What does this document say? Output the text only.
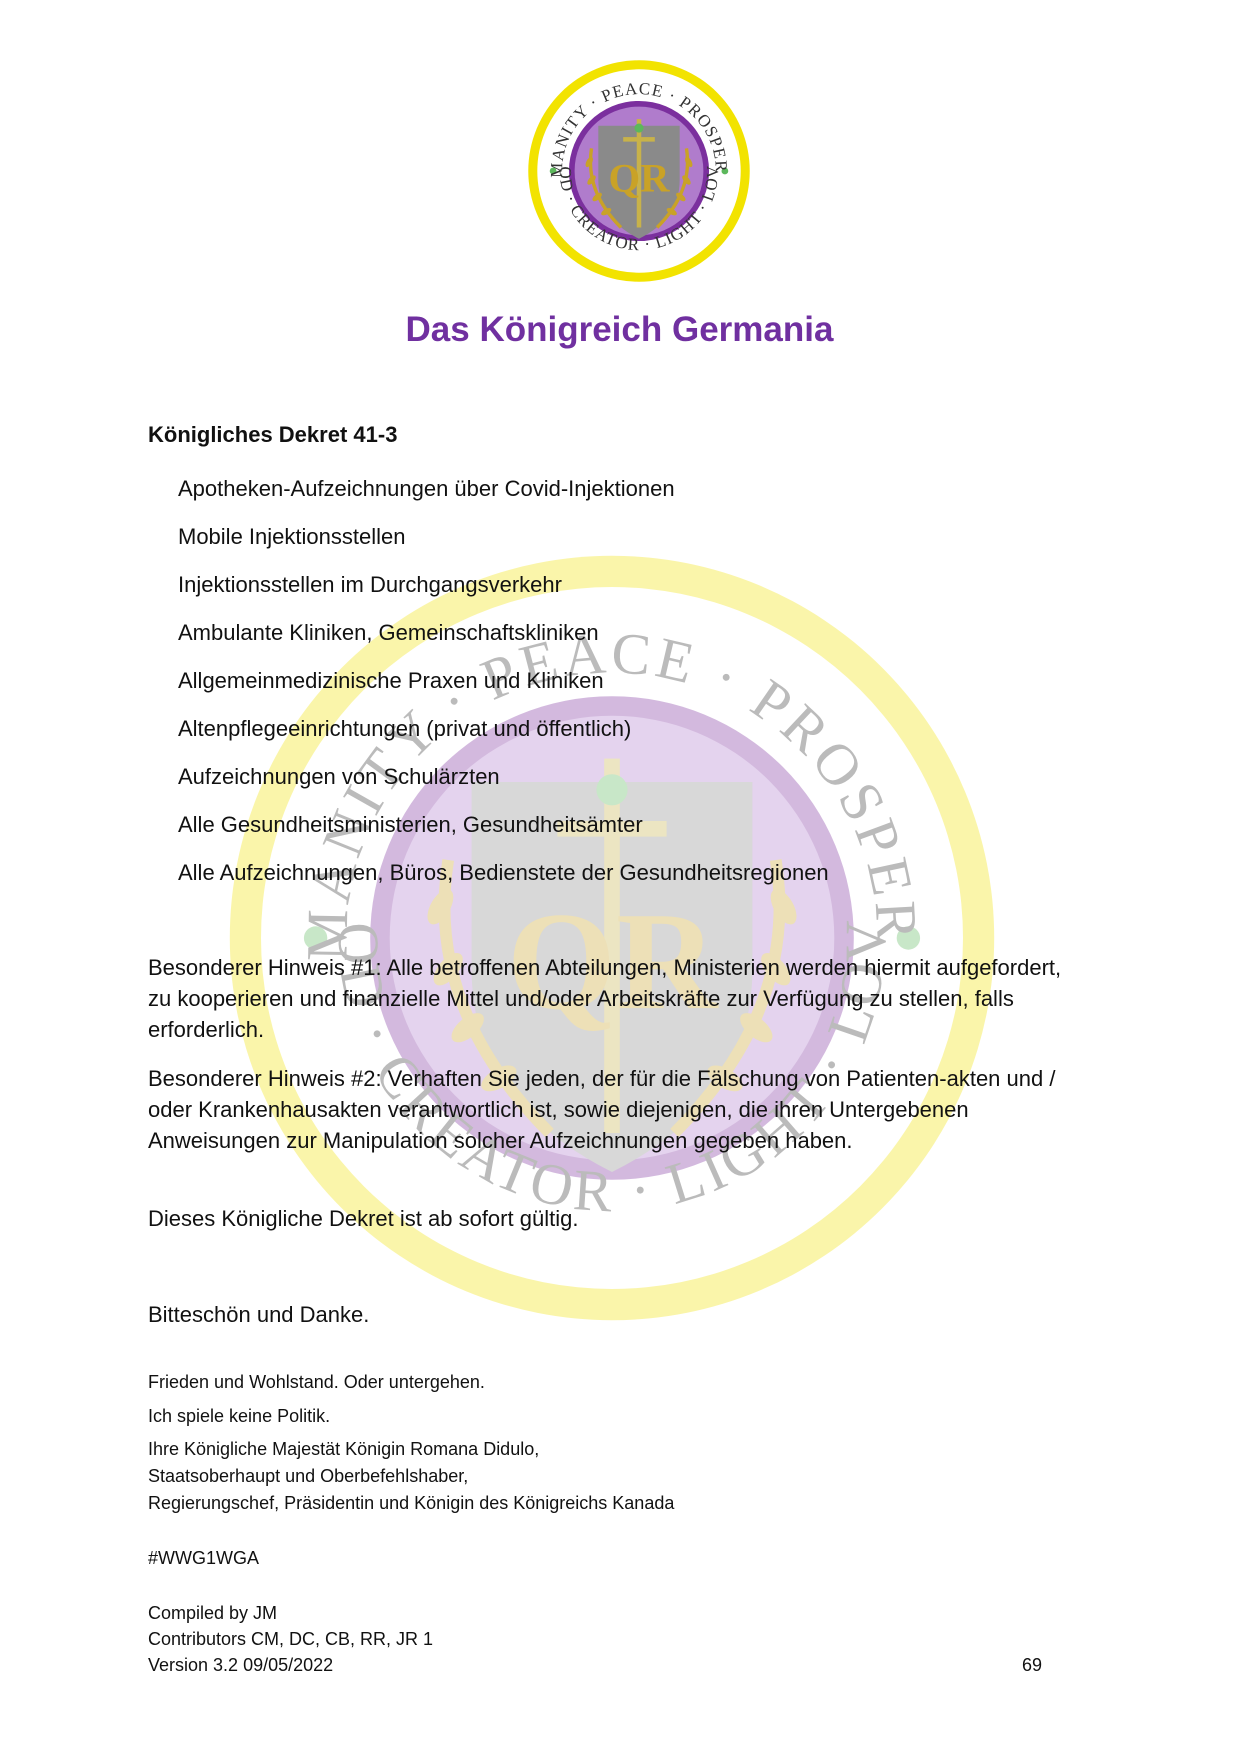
Das Königreich Germania
Königliches Dekret 41-3
Apotheken-Aufzeichnungen über Covid-Injektionen
Mobile Injektionsstellen
Injektionsstellen im Durchgangsverkehr
Ambulante Kliniken, Gemeinschaftskliniken
Allgemeinmedizinische Praxen und Kliniken
Altenpflegeeinrichtungen (privat und öffentlich)
Aufzeichnungen von Schulärzten
Alle Gesundheitsministerien, Gesundheitsämter
Alle Aufzeichnungen, Büros, Bedienstete der Gesundheitsregionen

Besonderer Hinweis #1: Alle betroffenen Abteilungen, Ministerien werden hiermit aufgefordert, zu kooperieren und finanzielle Mittel und/oder Arbeitskräfte zur Verfügung zu stellen, falls erforderlich.

Besonderer Hinweis #2: Verhaften Sie jeden, der für die Fälschung von Patienten-akten und / oder Krankenhausakten verantwortlich ist, sowie diejenigen, die ihren Untergebenen Anweisungen zur Manipulation solcher Aufzeichnungen gegeben haben.

Dieses Königliche Dekret ist ab sofort gültig.

Bitteschön und Danke.

Frieden und Wohlstand. Oder untergehen.

Ich spiele keine Politik.

Ihre Königliche Majestät Königin Romana Didulo,
Staatsoberhaupt und Oberbefehlshaber,
Regierungschef, Präsidentin und Königin des Königreichs Kanada

#WWG1WGA

Compiled by JM
Contributors CM, DC, CB, RR, JR 1
Version 3.2 09/05/2022	69
